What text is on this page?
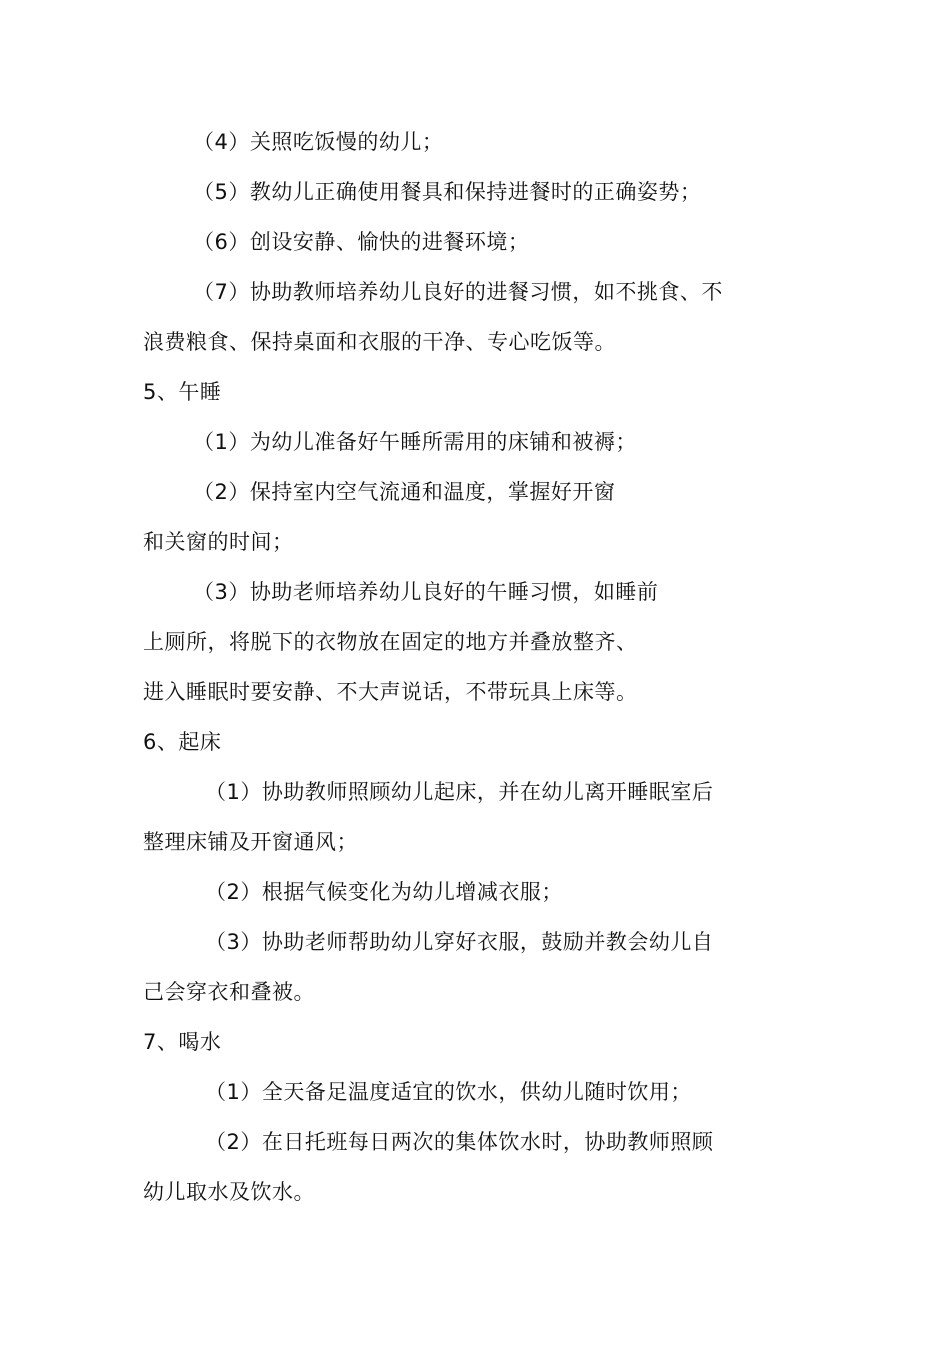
（4）关照吃饭慢的幼儿；
（5）教幼儿正确使用餐具和保持进餐时的正确姿势；
（6）创设安静、愉快的进餐环境；
（7）协助教师培养幼儿良好的进餐习惯，如不挑食、不
浪费粮食、保持桌面和衣服的干净、专心吃饭等。
5、午睡
（1）为幼儿准备好午睡所需用的床铺和被褥；
（2）保持室内空气流通和温度，掌握好开窗
和关窗的时间；
（3）协助老师培养幼儿良好的午睡习惯，如睡前
上厕所，将脱下的衣物放在固定的地方并叠放整齐、
进入睡眠时要安静、不大声说话，不带玩具上床等。
6、起床
（1）协助教师照顾幼儿起床，并在幼儿离开睡眠室后
整理床铺及开窗通风；
（2）根据气候变化为幼儿增减衣服；
（3）协助老师帮助幼儿穿好衣服，鼓励并教会幼儿自
己会穿衣和叠被。
7、喝水
（1）全天备足温度适宜的饮水，供幼儿随时饮用；
（2）在日托班每日两次的集体饮水时，协助教师照顾
幼儿取水及饮水。
